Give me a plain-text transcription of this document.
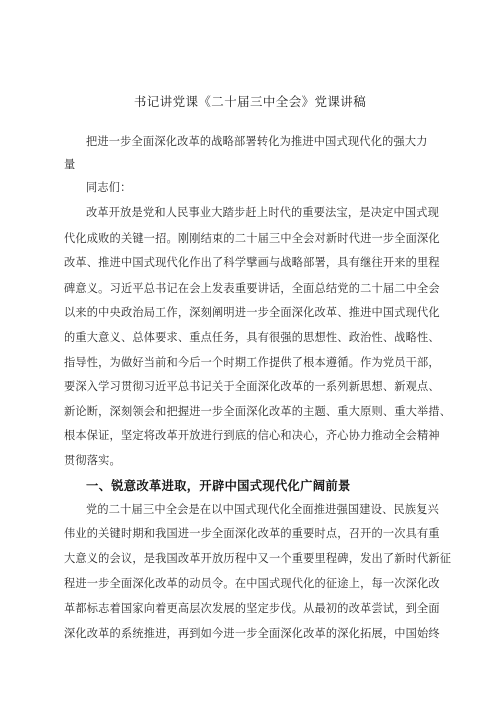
书记讲党课《二十届三中全会》党课讲稿
把进一步全面深化改革的战略部署转化为推进中国式现代化的强大力
量
同志们：
改革开放是党和人民事业大踏步赶上时代的重要法宝，是决定中国式现
代化成败的关键一招。刚刚结束的二十届三中全会对新时代进一步全面深化
改革、推进中国式现代化作出了科学擘画与战略部署，具有继往开来的里程
碑意义。习近平总书记在会上发表重要讲话，全面总结党的二十届二中全会
以来的中央政治局工作，深刻阐明进一步全面深化改革、推进中国式现代化
的重大意义、总体要求、重点任务，具有很强的思想性、政治性、战略性、
指导性，为做好当前和今后一个时期工作提供了根本遵循。作为党员干部，
要深入学习贯彻习近平总书记关于全面深化改革的一系列新思想、新观点、
新论断，深刻领会和把握进一步全面深化改革的主题、重大原则、重大举措、
根本保证，坚定将改革开放进行到底的信心和决心，齐心协力推动全会精神
贯彻落实。
一、锐意改革进取，开辟中国式现代化广阔前景
党的二十届三中全会是在以中国式现代化全面推进强国建设、民族复兴
伟业的关键时期和我国进一步全面深化改革的重要时点，召开的一次具有重
大意义的会议，是我国改革开放历程中又一个重要里程碑，发出了新时代新征
程进一步全面深化改革的动员令。在中国式现代化的征途上，每一次深化改
革都标志着国家向着更高层次发展的坚定步伐。从最初的改革尝试，到全面
深化改革的系统推进，再到如今进一步全面深化改革的深化拓展，中国始终
